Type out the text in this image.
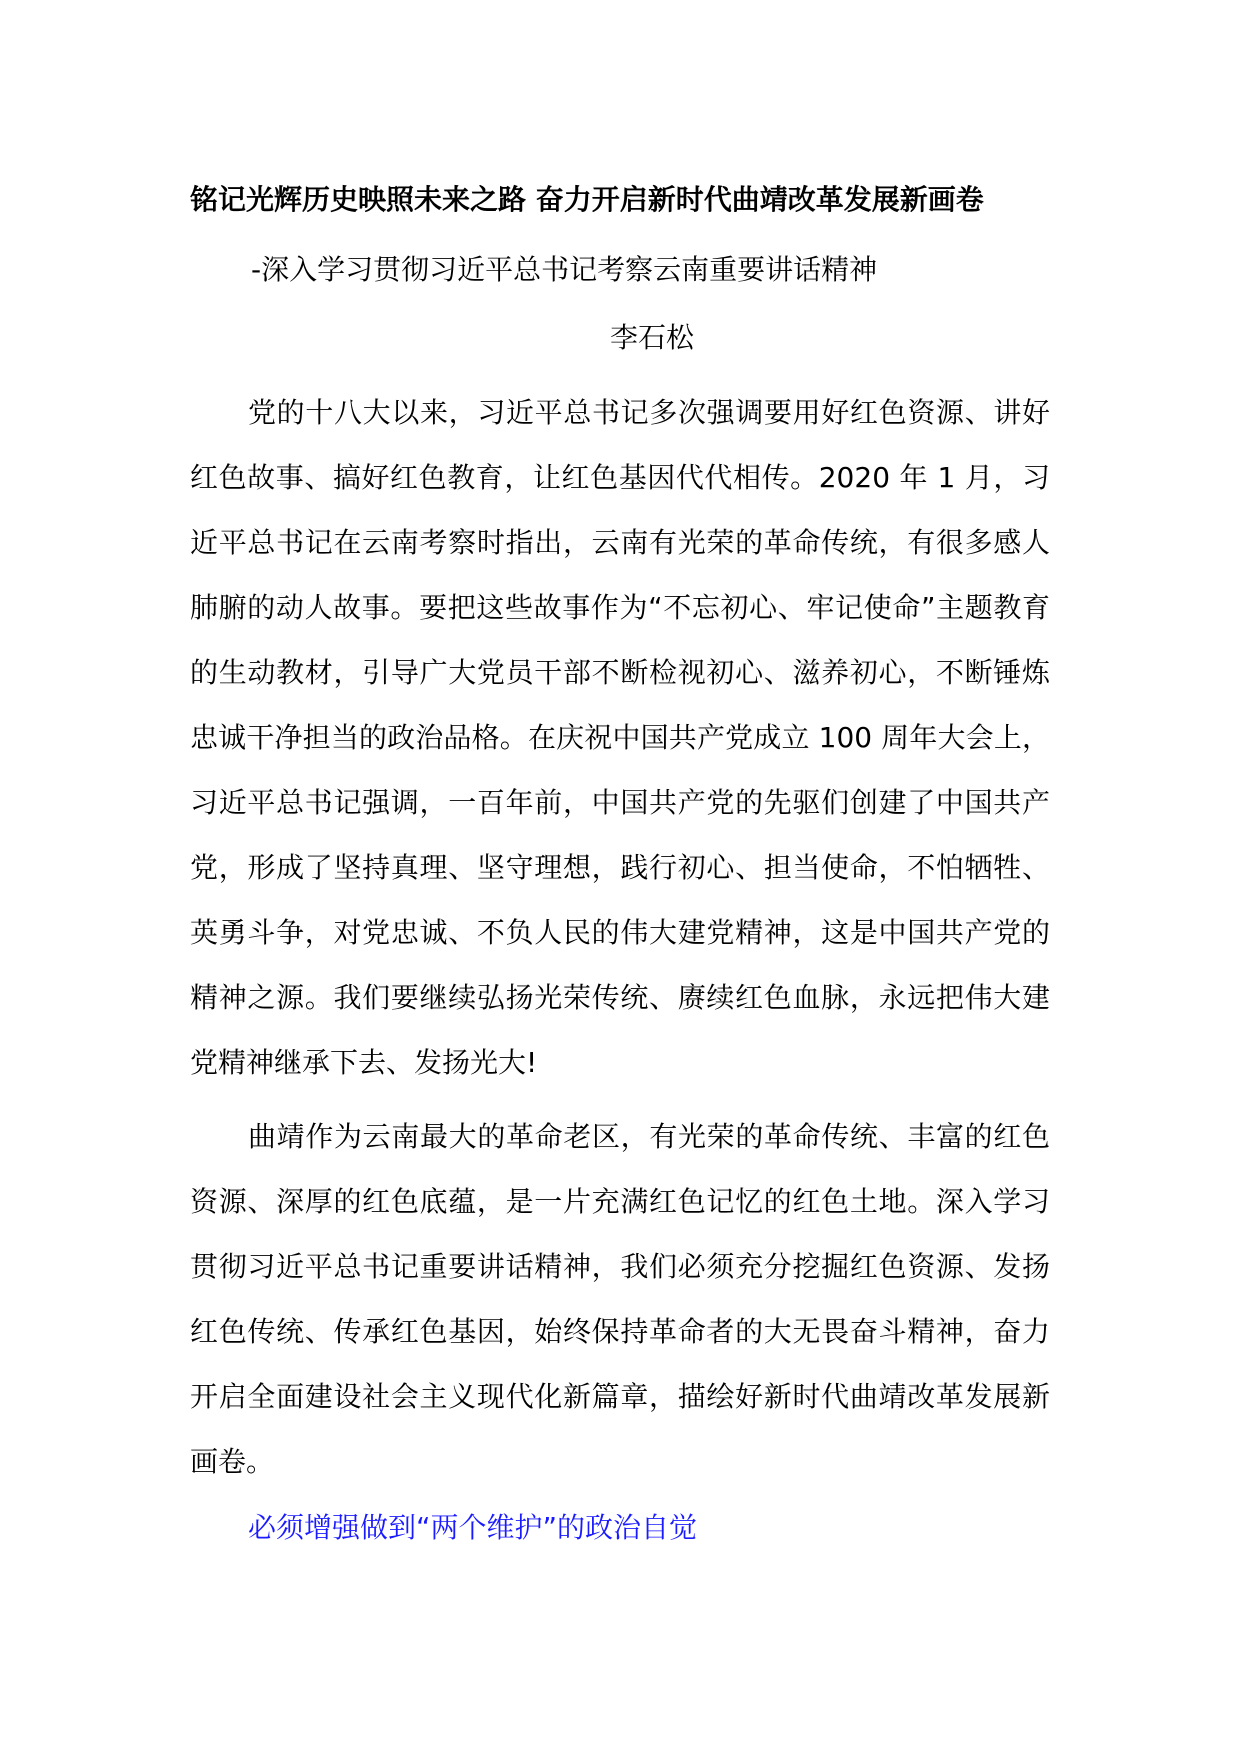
铭记光辉历史映照未来之路 奋力开启新时代曲靖改革发展新画卷
-深入学习贯彻习近平总书记考察云南重要讲话精神
李石松

党的十八大以来，习近平总书记多次强调要用好红色资源、讲好红色故事、搞好红色教育，让红色基因代代相传。2020 年 1 月，习近平总书记在云南考察时指出，云南有光荣的革命传统，有很多感人肺腑的动人故事。要把这些故事作为“不忘初心、牢记使命”主题教育的生动教材，引导广大党员干部不断检视初心、滋养初心，不断锤炼忠诚干净担当的政治品格。在庆祝中国共产党成立 100 周年大会上，习近平总书记强调，一百年前，中国共产党的先驱们创建了中国共产党，形成了坚持真理、坚守理想，践行初心、担当使命，不怕牺牲、英勇斗争，对党忠诚、不负人民的伟大建党精神，这是中国共产党的精神之源。我们要继续弘扬光荣传统、赓续红色血脉，永远把伟大建党精神继承下去、发扬光大!

曲靖作为云南最大的革命老区，有光荣的革命传统、丰富的红色资源、深厚的红色底蕴，是一片充满红色记忆的红色土地。深入学习贯彻习近平总书记重要讲话精神，我们必须充分挖掘红色资源、发扬红色传统、传承红色基因，始终保持革命者的大无畏奋斗精神，奋力开启全面建设社会主义现代化新篇章，描绘好新时代曲靖改革发展新画卷。

必须增强做到“两个维护”的政治自觉
